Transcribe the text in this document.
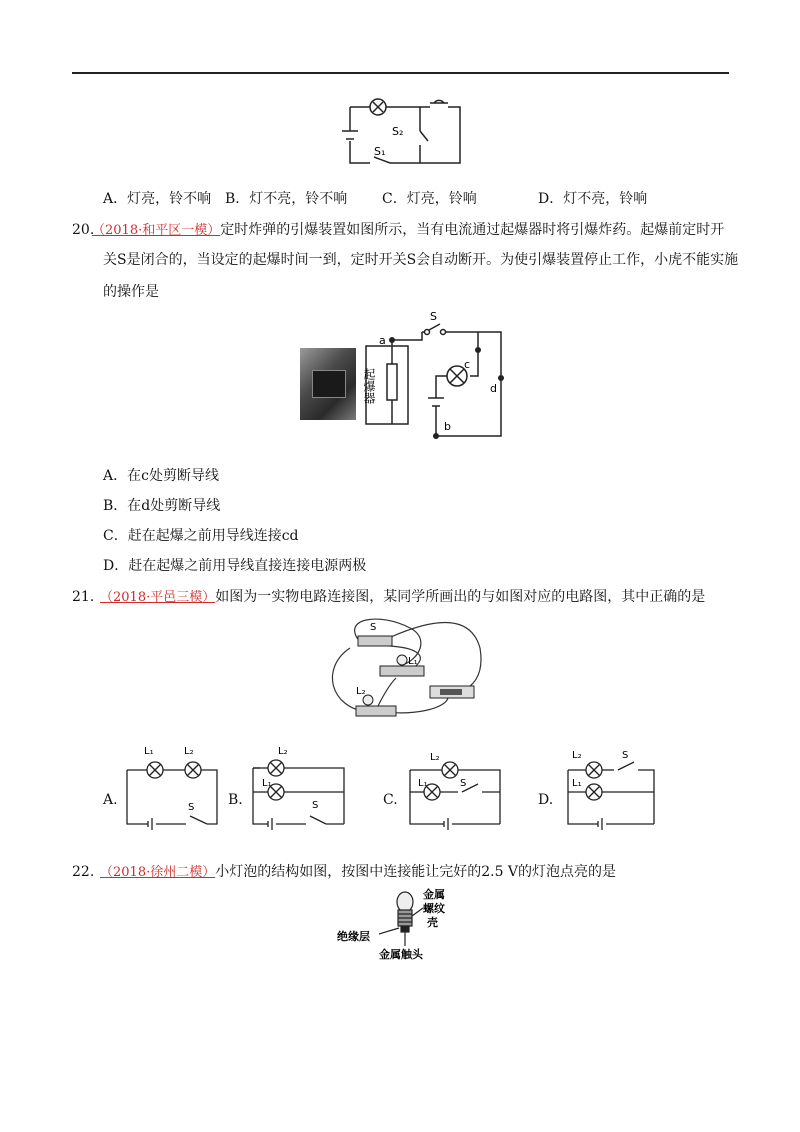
S₂
S₁
A．灯亮，铃不响 B．灯不亮，铃不响 C．灯亮，铃响	D．灯不亮，铃响
20.
（2018·和平区一模）定时炸弹的引爆装置如图所示，当有电流通过起爆器时将引爆炸药。起爆前定时开
关S是闭合的，当设定的起爆时间一到，定时开关S会自动断开。为使引爆装置停止工作，小虎不能实施
的操作是
S
a
c
d
b
起爆器
A．在c处剪断导线
B．在d处剪断导线
C．赶在起爆之前用导线连接cd
D．赶在起爆之前用导线直接连接电源两极
21. （2018·平邑三模）如图为一实物电路连接图，某同学所画出的与如图对应的电路图，其中正确的是
S
L₁
L₂
A.
L₁	L₂
S B.
L₂
L₁
S	C.
L₂
L₁	S
D.
L₂
L₁
S
22. （2018·徐州二模）小灯泡的结构如图，按图中连接能让完好的2.5 V的灯泡点亮的是
金属
螺纹
壳
绝缘层
金属触头
